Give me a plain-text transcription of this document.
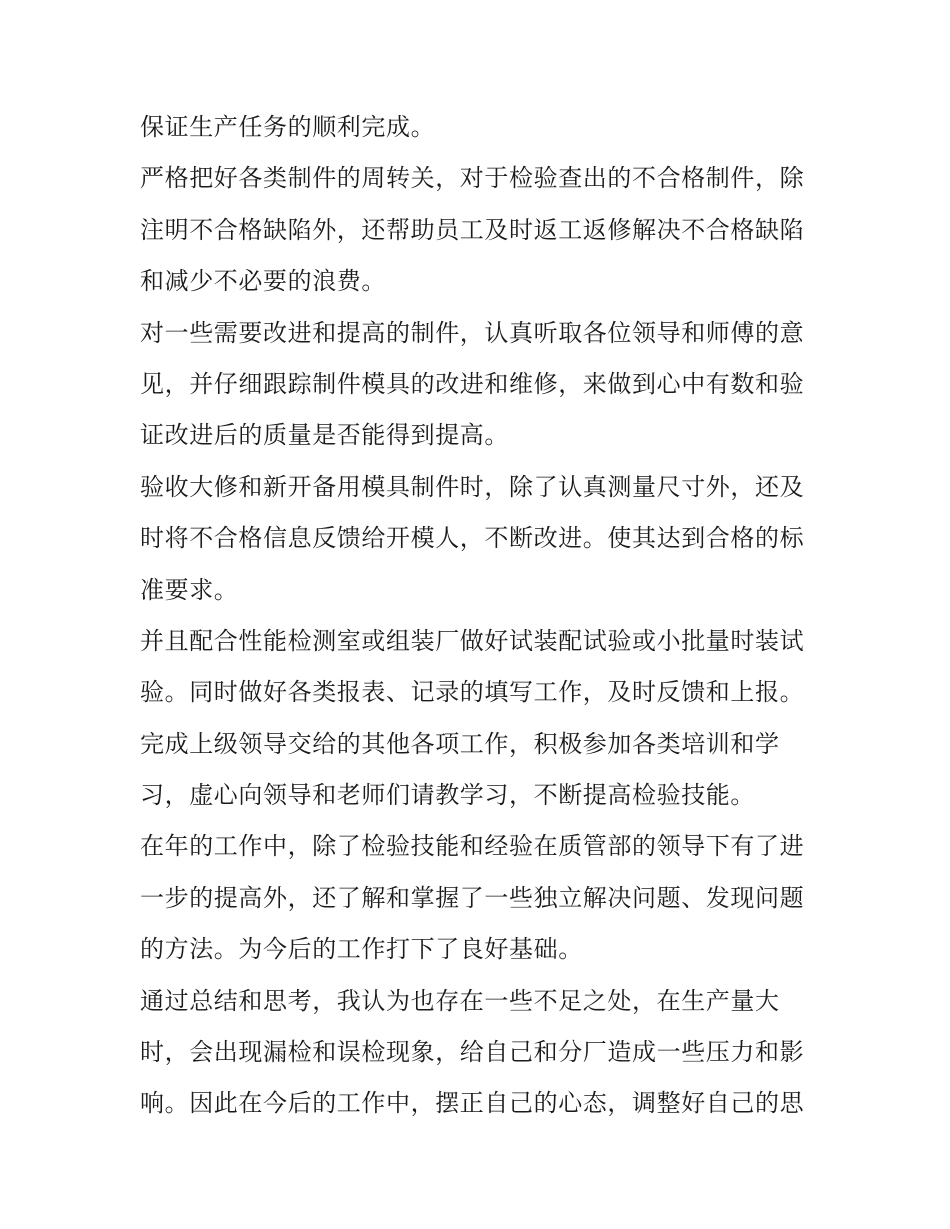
保证生产任务的顺利完成。
严格把好各类制件的周转关，对于检验查出的不合格制件，除
注明不合格缺陷外，还帮助员工及时返工返修解决不合格缺陷
和减少不必要的浪费。
对一些需要改进和提高的制件，认真听取各位领导和师傅的意
见，并仔细跟踪制件模具的改进和维修，来做到心中有数和验
证改进后的质量是否能得到提高。
验收大修和新开备用模具制件时，除了认真测量尺寸外，还及
时将不合格信息反馈给开模人，不断改进。使其达到合格的标
准要求。
并且配合性能检测室或组装厂做好试装配试验或小批量时装试
验。同时做好各类报表、记录的填写工作，及时反馈和上报。
完成上级领导交给的其他各项工作，积极参加各类培训和学
习，虚心向领导和老师们请教学习，不断提高检验技能。
在年的工作中，除了检验技能和经验在质管部的领导下有了进
一步的提高外，还了解和掌握了一些独立解决问题、发现问题
的方法。为今后的工作打下了良好基础。
通过总结和思考，我认为也存在一些不足之处，在生产量大
时，会出现漏检和误检现象，给自己和分厂造成一些压力和影
响。因此在今后的工作中，摆正自己的心态，调整好自己的思
